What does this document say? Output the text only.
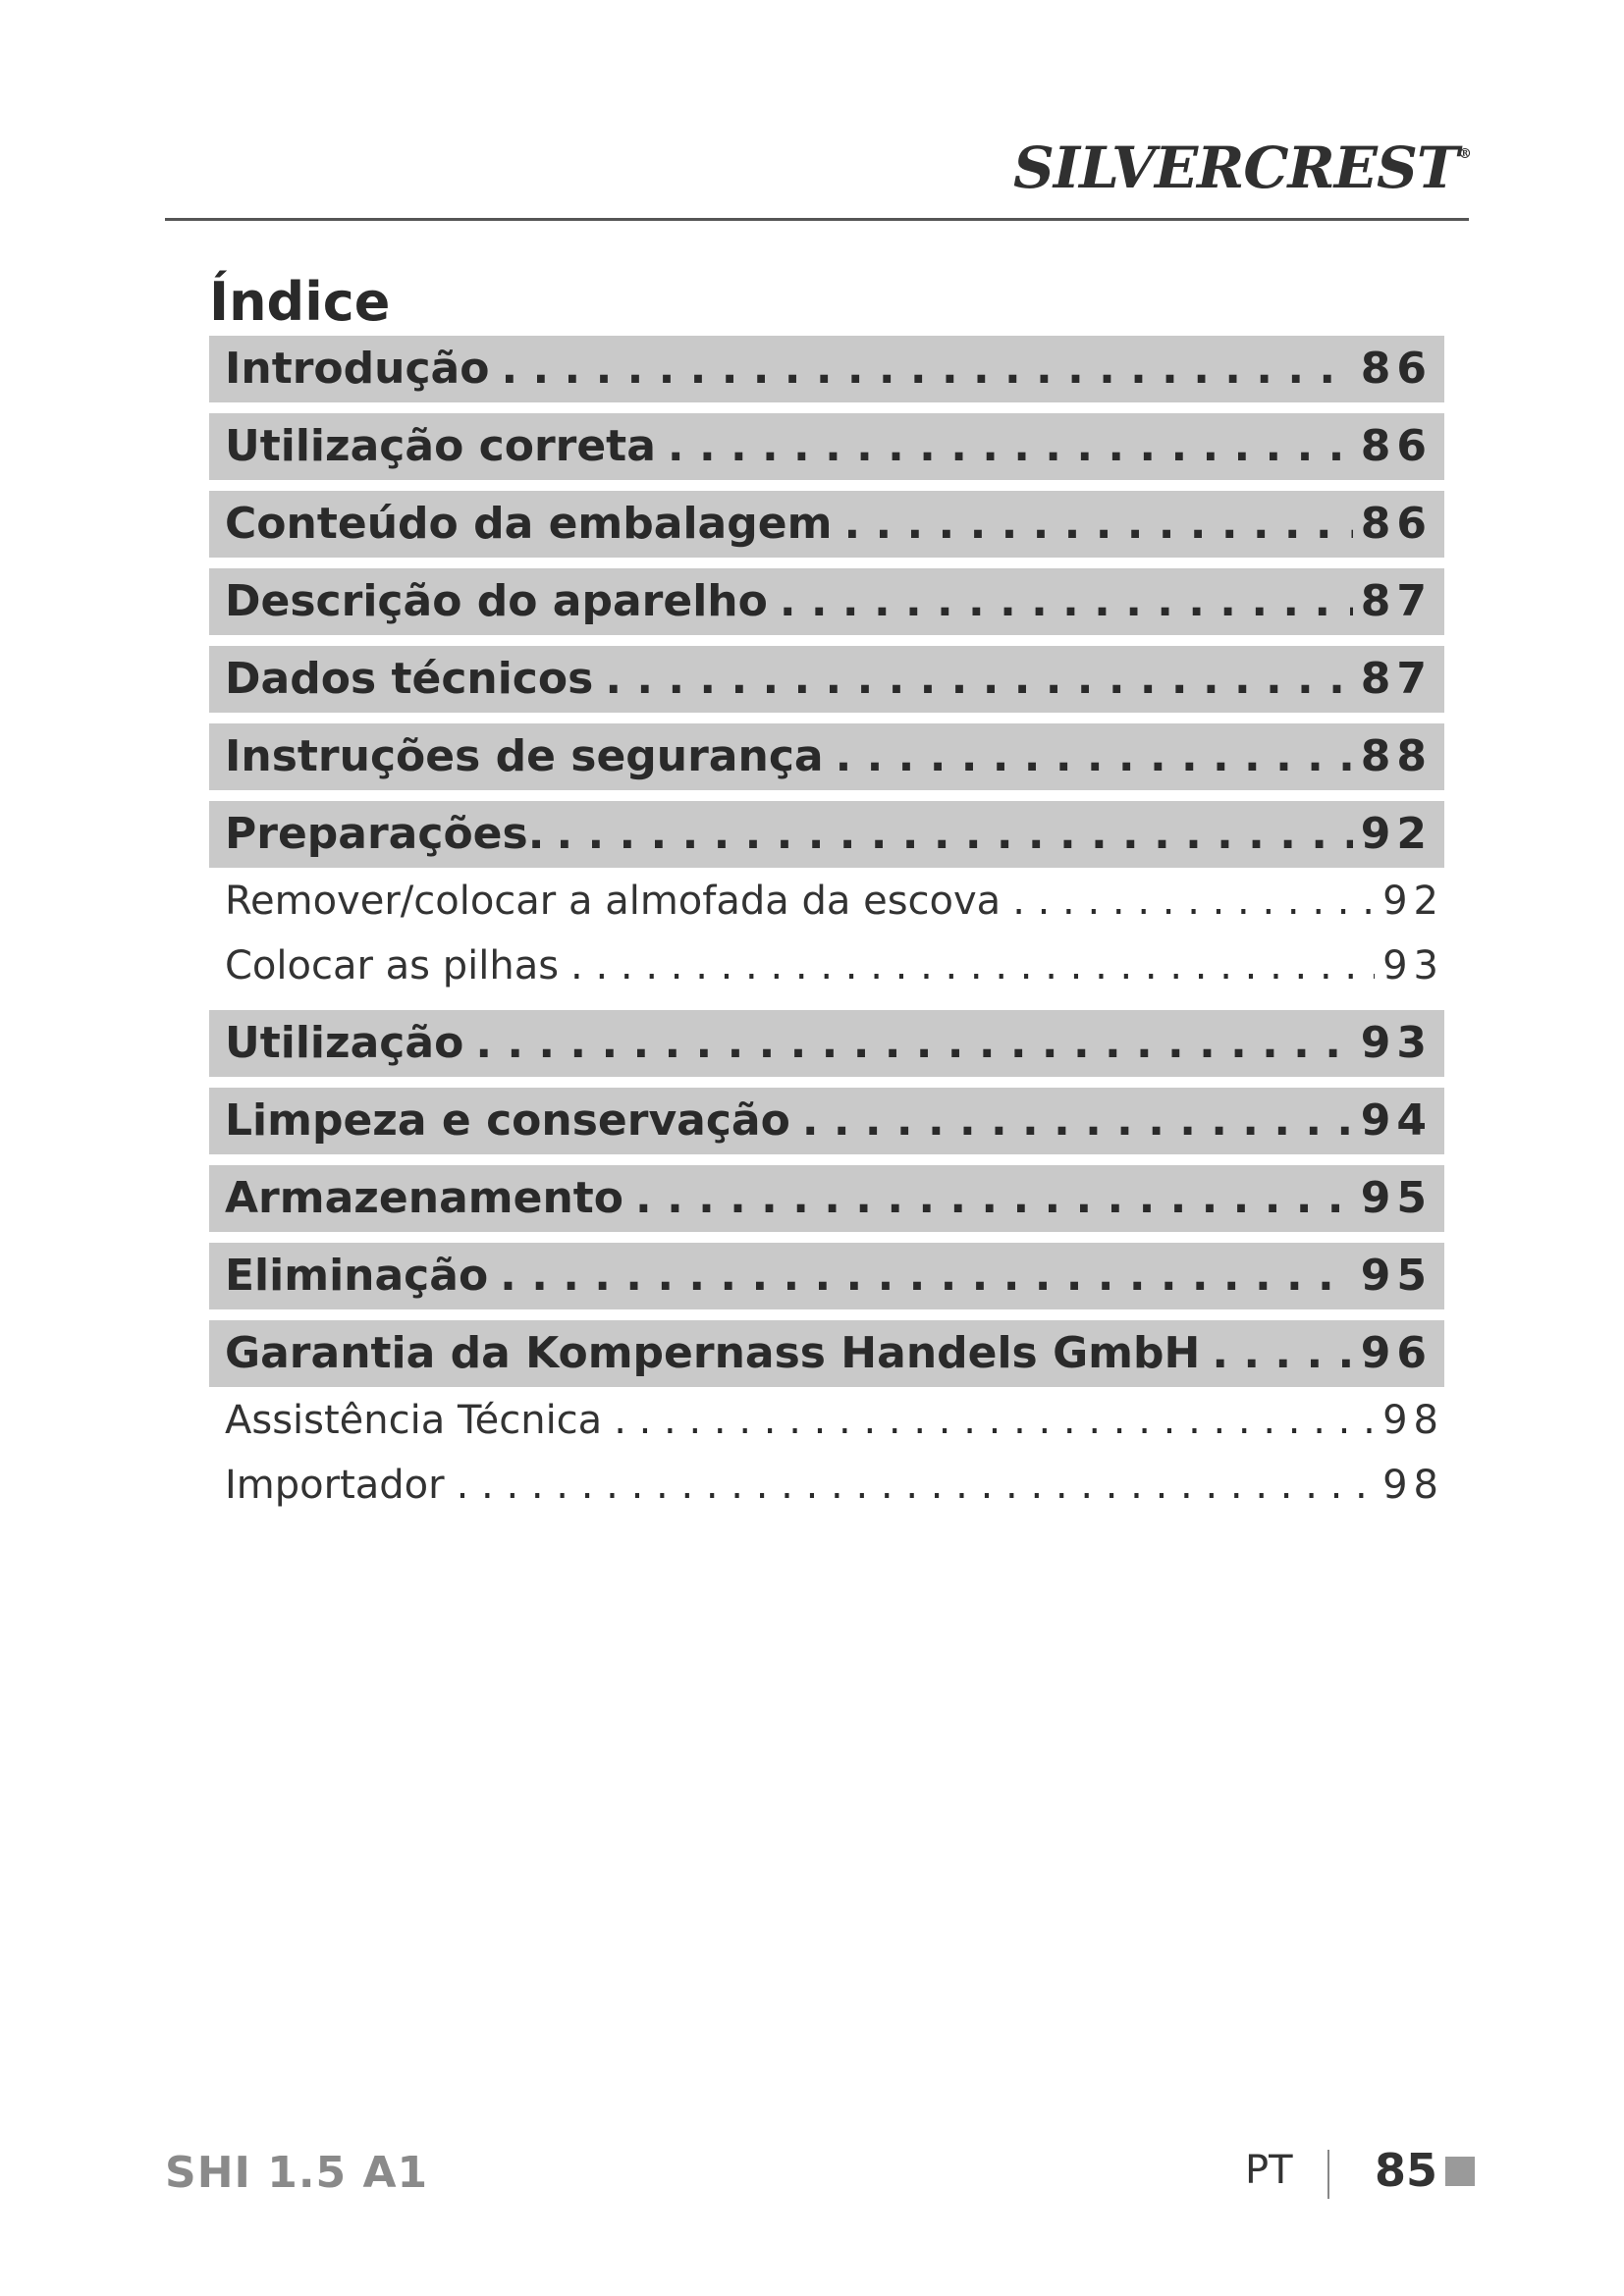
SILVERCREST®
Índice
Introdução . . .	86
Utilização correta . . .	86
Conteúdo da embalagem . . .	86
Descrição do aparelho . . .	87
Dados técnicos . . .	87
Instruções de segurança . . .	88
Preparações. . . .	92
Remover/colocar a almofada da escova . . .	92
Colocar as pilhas . . .	93
Utilização . . .	93
Limpeza e conservação . . .	94
Armazenamento . . .	95
Eliminação . . .	95
Garantia da Kompernass Handels GmbH . . .	96
Assistência Técnica . . .	98
Importador . . .	98
SHI 1.5 A1	PT 85
